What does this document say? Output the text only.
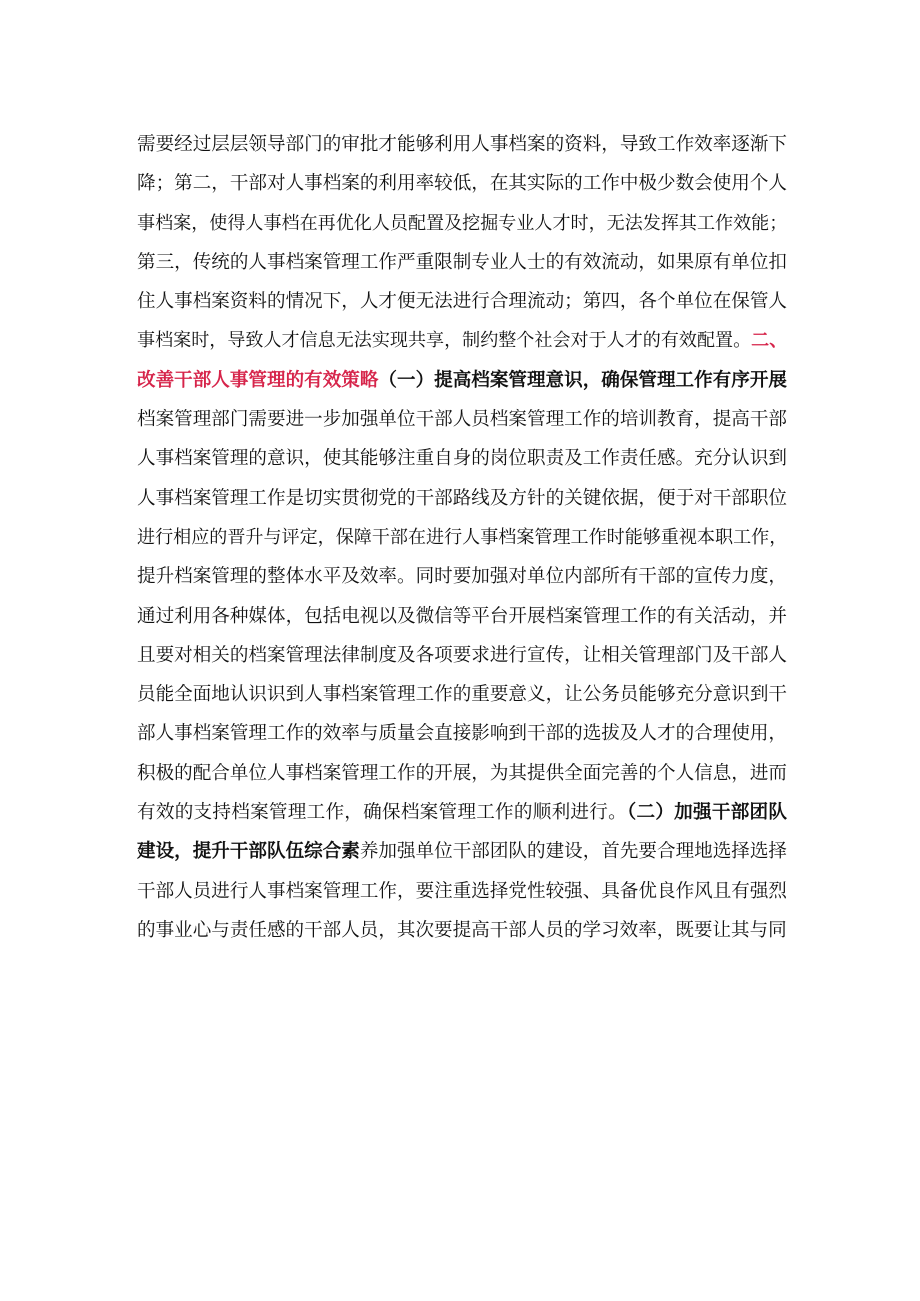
需要经过层层领导部门的审批才能够利用人事档案的资料，导致工作效率逐渐下
降；第二，干部对人事档案的利用率较低，在其实际的工作中极少数会使用个人
事档案，使得人事档在再优化人员配置及挖掘专业人才时，无法发挥其工作效能；
第三，传统的人事档案管理工作严重限制专业人士的有效流动，如果原有单位扣
住人事档案资料的情况下，人才便无法进行合理流动；第四，各个单位在保管人
事档案时，导致人才信息无法实现共享，制约整个社会对于人才的有效配置。二、
改善干部人事管理的有效策略（一）提高档案管理意识，确保管理工作有序开展
档案管理部门需要进一步加强单位干部人员档案管理工作的培训教育，提高干部
人事档案管理的意识，使其能够注重自身的岗位职责及工作责任感。充分认识到
人事档案管理工作是切实贯彻党的干部路线及方针的关键依据，便于对干部职位
进行相应的晋升与评定，保障干部在进行人事档案管理工作时能够重视本职工作，
提升档案管理的整体水平及效率。同时要加强对单位内部所有干部的宣传力度，
通过利用各种媒体，包括电视以及微信等平台开展档案管理工作的有关活动，并
且要对相关的档案管理法律制度及各项要求进行宣传，让相关管理部门及干部人
员能全面地认识识到人事档案管理工作的重要意义，让公务员能够充分意识到干
部人事档案管理工作的效率与质量会直接影响到干部的选拔及人才的合理使用，
积极的配合单位人事档案管理工作的开展，为其提供全面完善的个人信息，进而
有效的支持档案管理工作，确保档案管理工作的顺利进行。（二）加强干部团队
建设，提升干部队伍综合素养加强单位干部团队的建设，首先要合理地选择选择
干部人员进行人事档案管理工作，要注重选择党性较强、具备优良作风且有强烈
的事业心与责任感的干部人员，其次要提高干部人员的学习效率，既要让其与同
